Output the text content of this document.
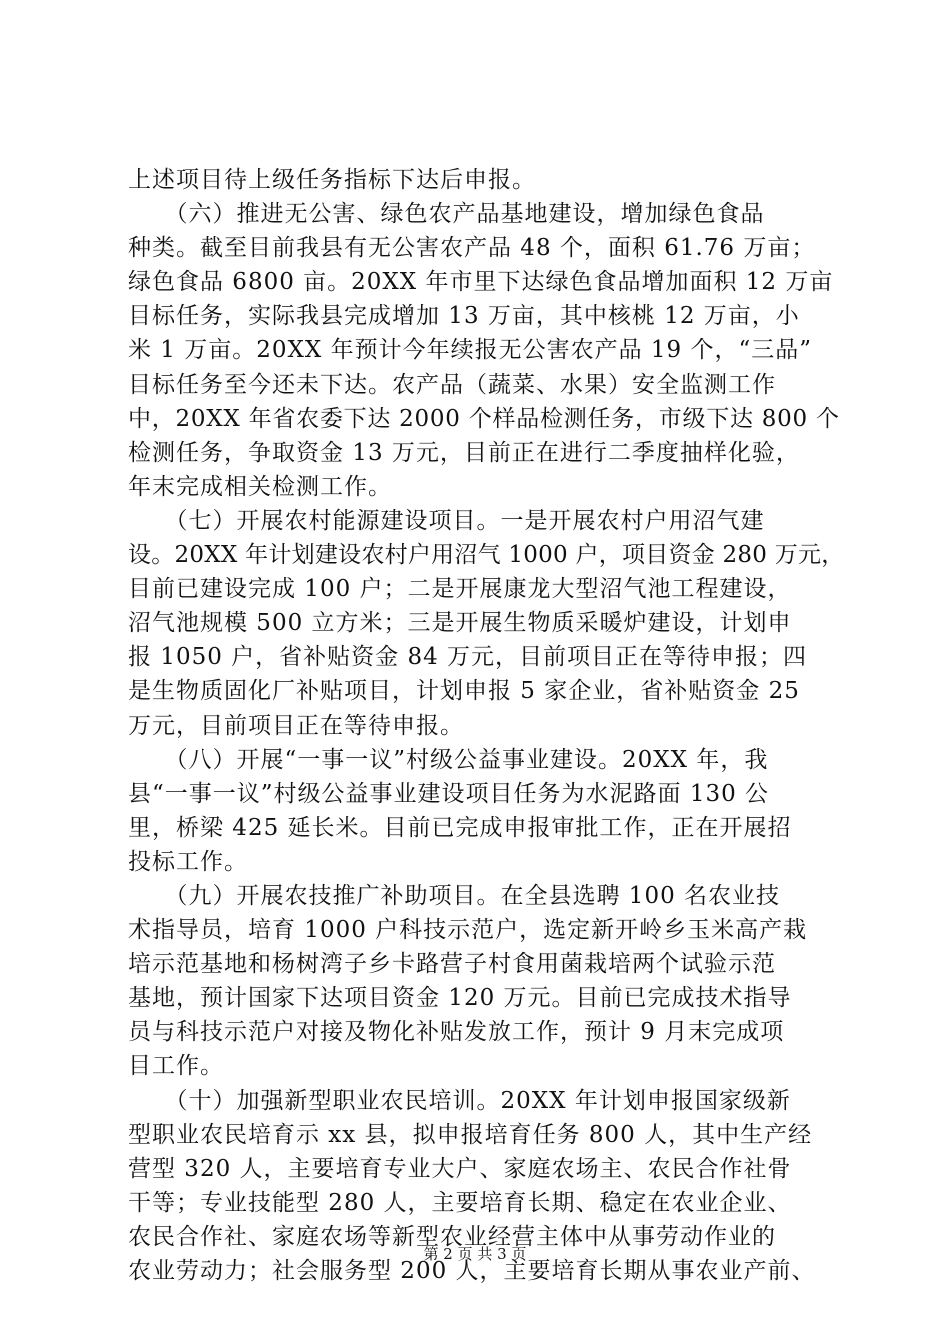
上述项目待上级任务指标下达后申报。
　　（六）推进无公害、绿色农产品基地建设，增加绿色食品
种类。截至目前我县有无公害农产品 48 个，面积 61.76 万亩；
绿色食品 6800 亩。20XX 年市里下达绿色食品增加面积 12 万亩
目标任务，实际我县完成增加 13 万亩，其中核桃 12 万亩，小
米 1 万亩。20XX 年预计今年续报无公害农产品 19 个，“三品”
目标任务至今还未下达。农产品（蔬菜、水果）安全监测工作
中，20XX 年省农委下达 2000 个样品检测任务，市级下达 800 个
检测任务，争取资金 13 万元，目前正在进行二季度抽样化验，
年末完成相关检测工作。
　　（七）开展农村能源建设项目。一是开展农村户用沼气建
设。20XX 年计划建设农村户用沼气 1000 户，项目资金 280 万元，
目前已建设完成 100 户；二是开展康龙大型沼气池工程建设，
沼气池规模 500 立方米；三是开展生物质采暖炉建设，计划申
报 1050 户，省补贴资金 84 万元，目前项目正在等待申报；四
是生物质固化厂补贴项目，计划申报 5 家企业，省补贴资金 25
万元，目前项目正在等待申报。
　　（八）开展“一事一议”村级公益事业建设。20XX 年，我
县“一事一议”村级公益事业建设项目任务为水泥路面 130 公
里，桥梁 425 延长米。目前已完成申报审批工作，正在开展招
投标工作。
　　（九）开展农技推广补助项目。在全县选聘 100 名农业技
术指导员，培育 1000 户科技示范户，选定新开岭乡玉米高产栽
培示范基地和杨树湾子乡卡路营子村食用菌栽培两个试验示范
基地，预计国家下达项目资金 120 万元。目前已完成技术指导
员与科技示范户对接及物化补贴发放工作，预计 9 月末完成项
目工作。
　　（十）加强新型职业农民培训。20XX 年计划申报国家级新
型职业农民培育示 xx 县，拟申报培育任务 800 人，其中生产经
营型 320 人，主要培育专业大户、家庭农场主、农民合作社骨
干等；专业技能型 280 人，主要培育长期、稳定在农业企业、
农民合作社、家庭农场等新型农业经营主体中从事劳动作业的
农业劳动力；社会服务型 200 人，主要培育长期从事农业产前、
第 2 页 共 3 页
